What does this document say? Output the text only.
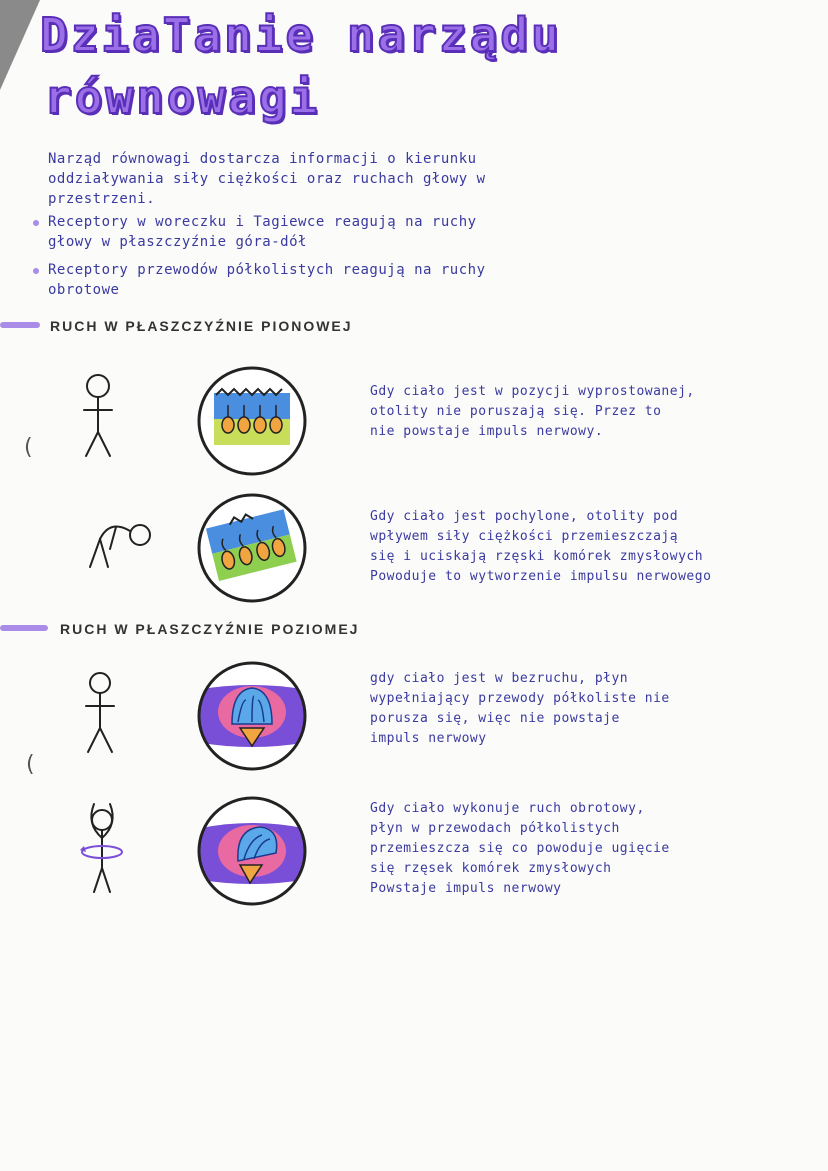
DziaTanie narządu
równowagi
Narząd równowagi dostarcza informacji o kierunku
oddziaływania siły ciężkości oraz ruchach głowy w
przestrzeni.
Receptory w woreczku i Tagiewce reagują na ruchy
głowy w płaszczyźnie góra-dół
Receptory przewodów półkolistych reagują na ruchy
obrotowe
RUCH W PŁASZCZYŹNIE PIONOWEJ
(
(
Gdy ciało jest w pozycji wyprostowanej,
otolity nie poruszają się. Przez to
nie powstaje impuls nerwowy.
Gdy ciało jest pochylone, otolity pod
wpływem siły ciężkości przemieszczają
się i uciskają rzęski komórek zmysłowych
Powoduje to wytworzenie impulsu nerwowego
RUCH W PŁASZCZYŹNIE POZIOMEJ
gdy ciało jest w bezruchu, płyn
wypełniający przewody półkoliste nie
porusza się, więc nie powstaje
impuls nerwowy
Gdy ciało wykonuje ruch obrotowy,
płyn w przewodach półkolistych
przemieszcza się co powoduje ugięcie
się rzęsek komórek zmysłowych
Powstaje impuls nerwowy
